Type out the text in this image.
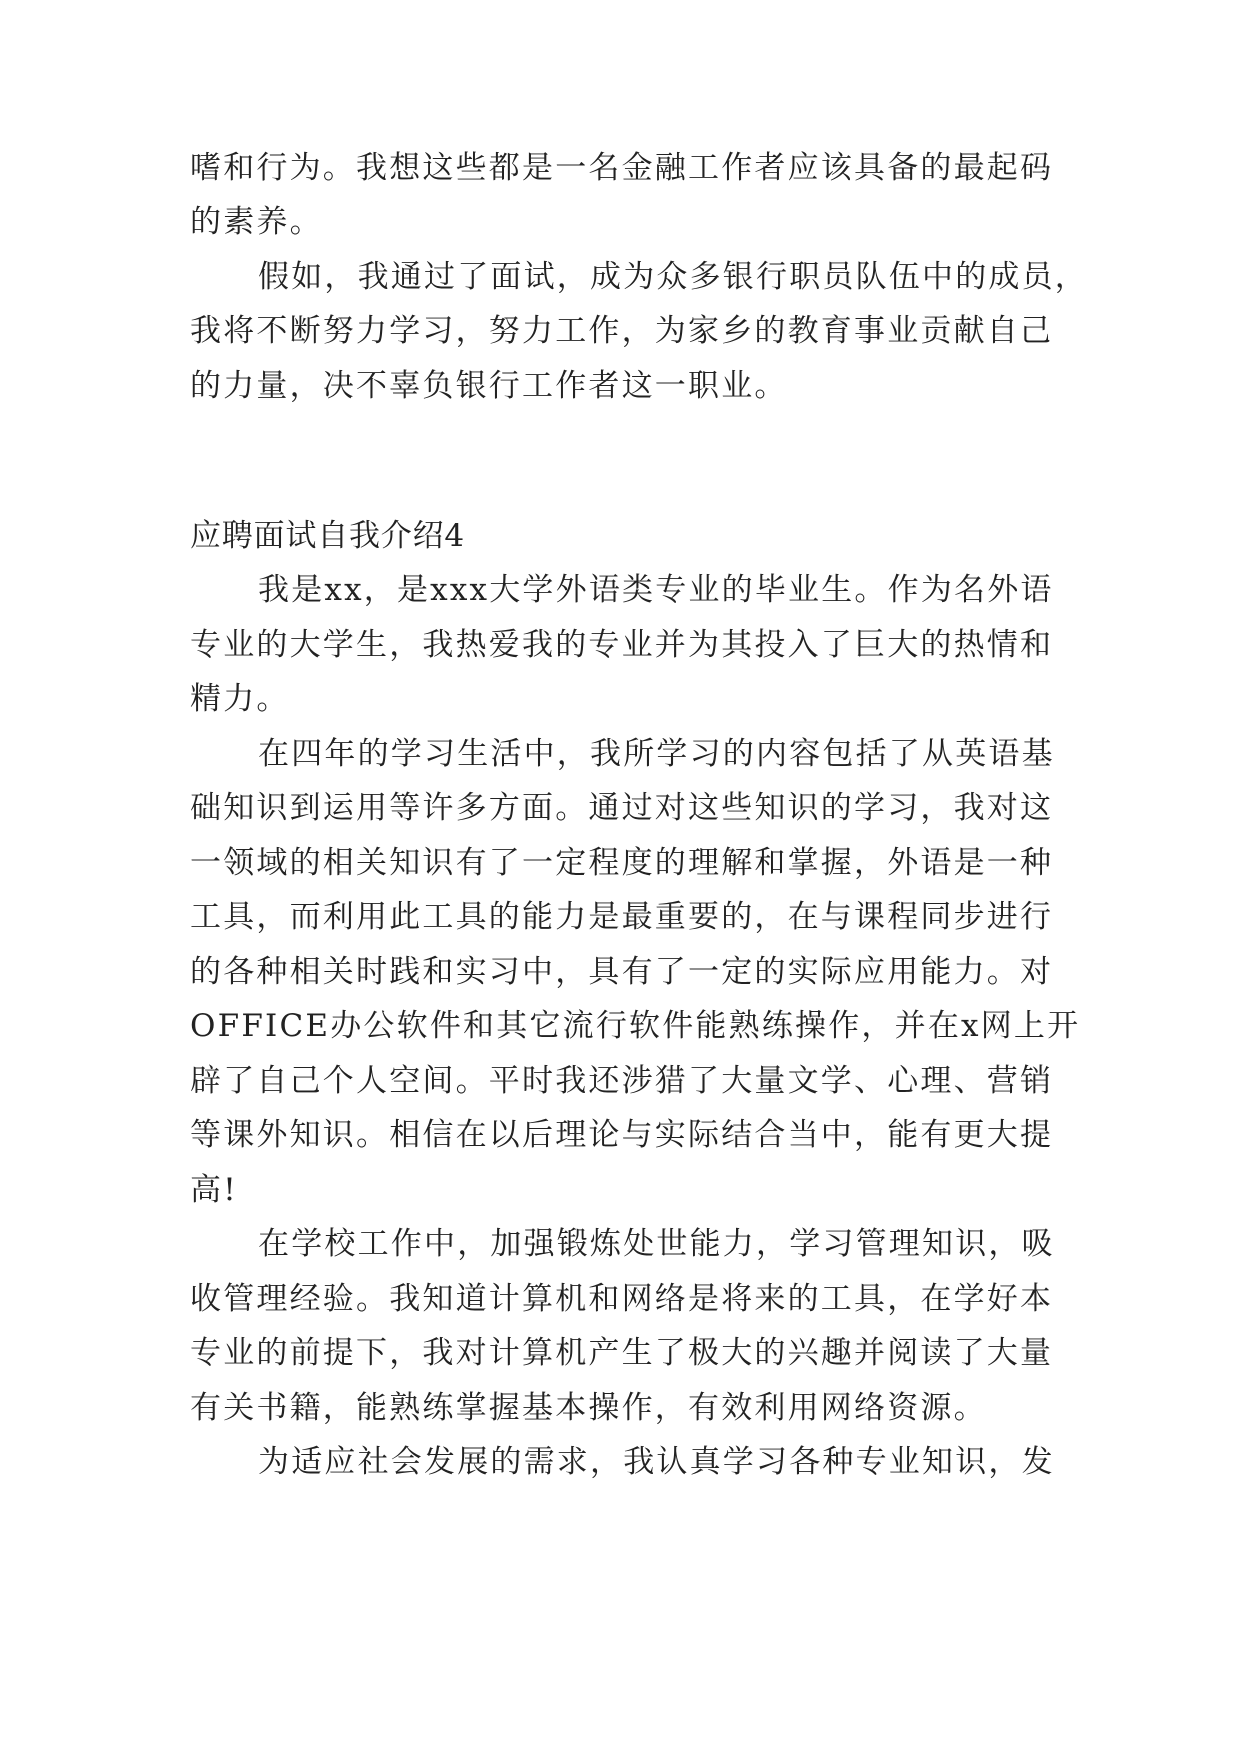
嗜和行为。我想这些都是一名金融工作者应该具备的最起码

的素养。

假如，我通过了面试，成为众多银行职员队伍中的成员，

我将不断努力学习，努力工作，为家乡的教育事业贡献自己

的力量，决不辜负银行工作者这一职业。

应聘面试自我介绍4

我是xx，是xxx大学外语类专业的毕业生。作为名外语

专业的大学生，我热爱我的专业并为其投入了巨大的热情和

精力。

在四年的学习生活中，我所学习的内容包括了从英语基

础知识到运用等许多方面。通过对这些知识的学习，我对这

一领域的相关知识有了一定程度的理解和掌握，外语是一种

工具，而利用此工具的能力是最重要的，在与课程同步进行

的各种相关时践和实习中，具有了一定的实际应用能力。对

OFFICE办公软件和其它流行软件能熟练操作，并在x网上开

辟了自己个人空间。平时我还涉猎了大量文学、心理、营销

等课外知识。相信在以后理论与实际结合当中，能有更大提

高!

在学校工作中，加强锻炼处世能力，学习管理知识，吸

收管理经验。我知道计算机和网络是将来的工具，在学好本

专业的前提下，我对计算机产生了极大的兴趣并阅读了大量

有关书籍，能熟练掌握基本操作，有效利用网络资源。

为适应社会发展的需求，我认真学习各种专业知识，发
